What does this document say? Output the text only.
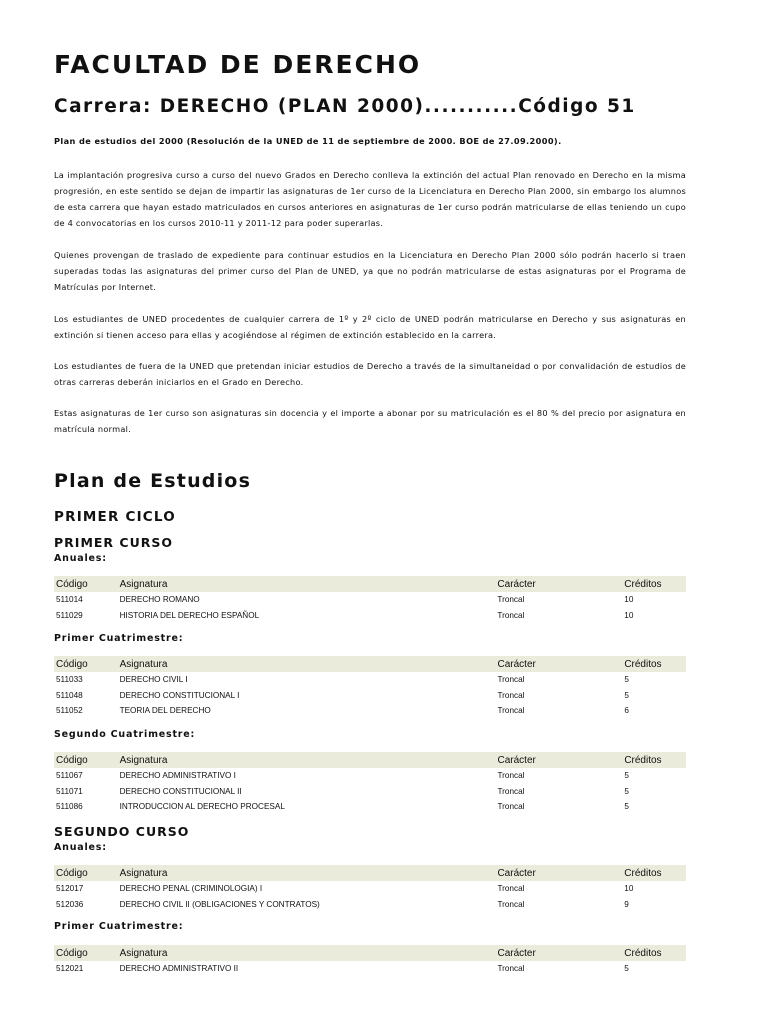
FACULTAD DE DERECHO
Carrera: DERECHO (PLAN 2000)...........Código 51
Plan de estudios del 2000 (Resolución de la UNED de 11 de septiembre de 2000. BOE de 27.09.2000).

La implantación progresiva curso a curso del nuevo Grados en Derecho conlleva la extinción del actual Plan renovado en Derecho en la misma progresión, en este sentido se dejan de impartir las asignaturas de 1er curso de la Licenciatura en Derecho Plan 2000, sin embargo los alumnos de esta carrera que hayan estado matriculados en cursos anteriores en asignaturas de 1er curso podrán matricularse de ellas teniendo un cupo de 4 convocatorias en los cursos 2010-11 y 2011-12 para poder superarlas.

Quienes provengan de traslado de expediente para continuar estudios en la Licenciatura en Derecho Plan 2000 sólo podrán hacerlo si traen superadas todas las asignaturas del primer curso del Plan de UNED, ya que no podrán matricularse de estas asignaturas por el Programa de Matrículas por Internet.

Los estudiantes de UNED procedentes de cualquier carrera de 1º y 2º ciclo de UNED podrán matricularse en Derecho y sus asignaturas en extinción si tienen acceso para ellas y acogiéndose al régimen de extinción establecido en la carrera.

Los estudiantes de fuera de la UNED que pretendan iniciar estudios de Derecho a través de la simultaneidad o por convalidación de estudios de otras carreras deberán iniciarlos en el Grado en Derecho.

Estas asignaturas de 1er curso son asignaturas sin docencia y el importe a abonar por su matriculación es el 80 % del precio por asignatura en matrícula normal.

Plan de Estudios
PRIMER CICLO
PRIMER CURSO
Anuales:
Código	Asignatura	Carácter	Créditos
511014	DERECHO ROMANO	Troncal	10
511029	HISTORIA DEL DERECHO ESPAÑOL	Troncal	10
Primer Cuatrimestre:
Código	Asignatura	Carácter	Créditos
511033	DERECHO CIVIL I	Troncal	5
511048	DERECHO CONSTITUCIONAL I	Troncal	5
511052	TEORIA DEL DERECHO	Troncal	6
Segundo Cuatrimestre:
Código	Asignatura	Carácter	Créditos
511067	DERECHO ADMINISTRATIVO I	Troncal	5
511071	DERECHO CONSTITUCIONAL II	Troncal	5
511086	INTRODUCCION AL DERECHO PROCESAL	Troncal	5
SEGUNDO CURSO
Anuales:
Código	Asignatura	Carácter	Créditos
512017	DERECHO PENAL (CRIMINOLOGIA) I	Troncal	10
512036	DERECHO CIVIL II (OBLIGACIONES Y CONTRATOS)	Troncal	9
Primer Cuatrimestre:
Código	Asignatura	Carácter	Créditos
512021	DERECHO ADMINISTRATIVO II	Troncal	5
